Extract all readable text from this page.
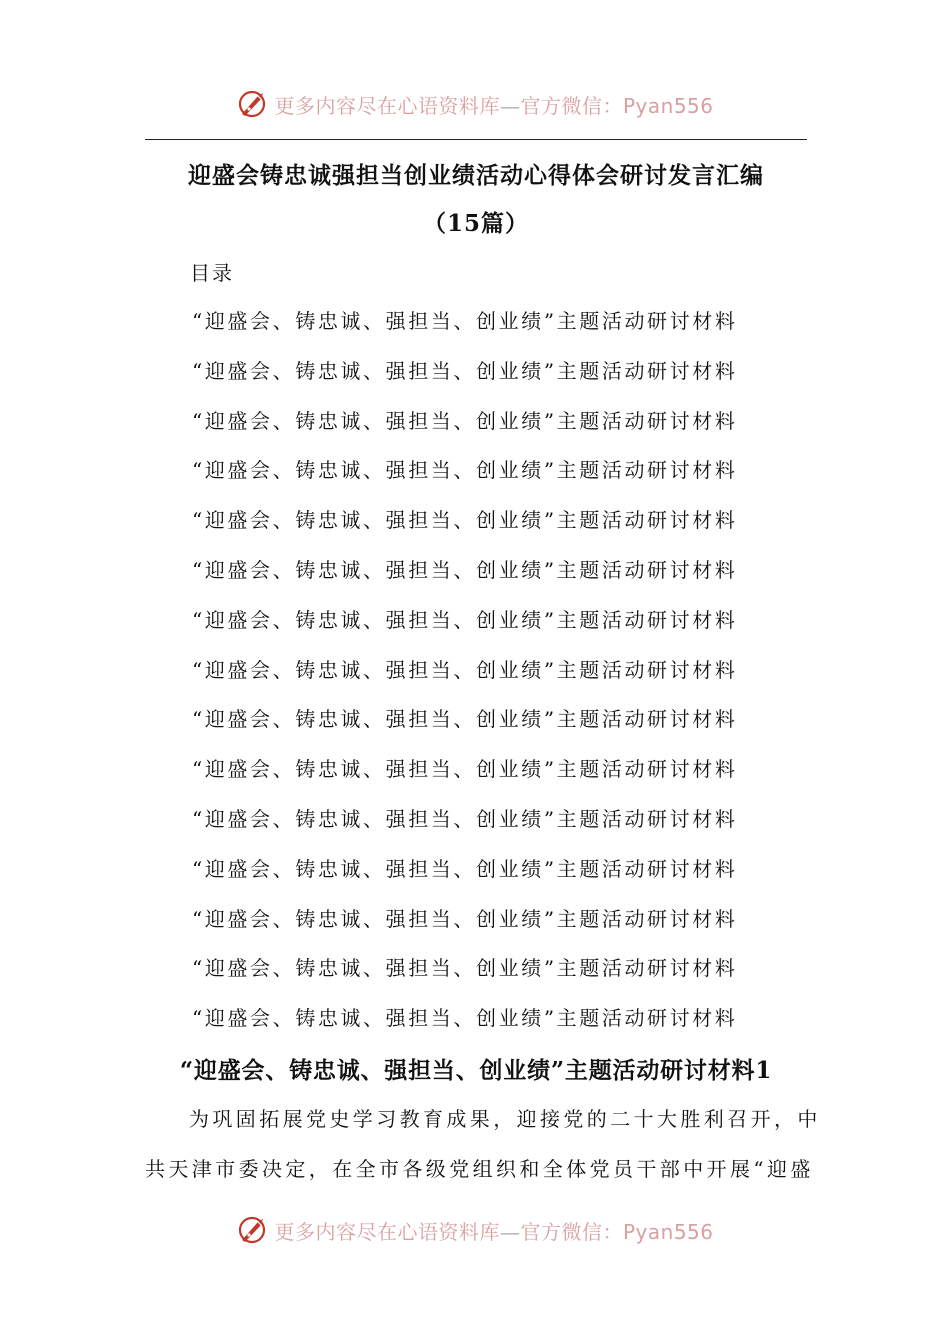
更多内容尽在心语资料库—官方微信：Pyan556
迎盛会铸忠诚强担当创业绩活动心得体会研讨发言汇编
（15篇）
目录
“迎盛会、铸忠诚、强担当、创业绩”主题活动研讨材料
“迎盛会、铸忠诚、强担当、创业绩”主题活动研讨材料
“迎盛会、铸忠诚、强担当、创业绩”主题活动研讨材料
“迎盛会、铸忠诚、强担当、创业绩”主题活动研讨材料
“迎盛会、铸忠诚、强担当、创业绩”主题活动研讨材料
“迎盛会、铸忠诚、强担当、创业绩”主题活动研讨材料
“迎盛会、铸忠诚、强担当、创业绩”主题活动研讨材料
“迎盛会、铸忠诚、强担当、创业绩”主题活动研讨材料
“迎盛会、铸忠诚、强担当、创业绩”主题活动研讨材料
“迎盛会、铸忠诚、强担当、创业绩”主题活动研讨材料
“迎盛会、铸忠诚、强担当、创业绩”主题活动研讨材料
“迎盛会、铸忠诚、强担当、创业绩”主题活动研讨材料
“迎盛会、铸忠诚、强担当、创业绩”主题活动研讨材料
“迎盛会、铸忠诚、强担当、创业绩”主题活动研讨材料
“迎盛会、铸忠诚、强担当、创业绩”主题活动研讨材料
“迎盛会、铸忠诚、强担当、创业绩”主题活动研讨材料1
为巩固拓展党史学习教育成果，迎接党的二十大胜利召开，中
共天津市委决定，在全市各级党组织和全体党员干部中开展“迎盛
更多内容尽在心语资料库—官方微信：Pyan556
